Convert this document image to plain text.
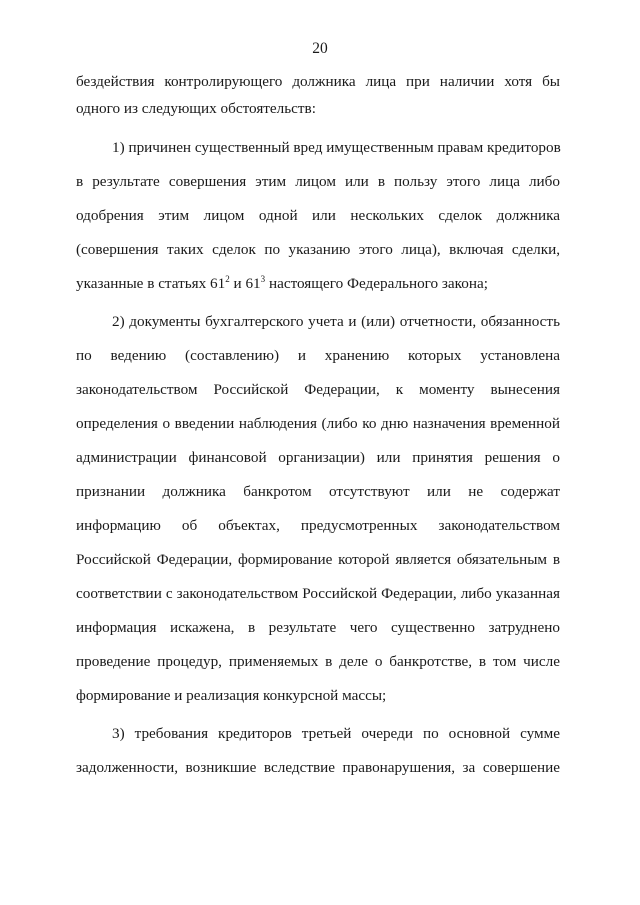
20
бездействия контролирующего должника лица при наличии хотя бы
одного из следующих обстоятельств:
1) причинен существенный вред имущественным правам кредиторов
в результате совершения этим лицом или в пользу этого лица либо
одобрения этим лицом одной или нескольких сделок должника
(совершения таких сделок по указанию этого лица), включая сделки,
указанные в статьях $61^2$ и $61^3$ настоящего Федерального закона;
2) документы бухгалтерского учета и (или) отчетности, обязанность
по ведению (составлению) и хранению которых установлена
законодательством Российской Федерации, к моменту вынесения
определения о введении наблюдения (либо ко дню назначения временной
администрации финансовой организации) или принятия решения о
признании должника банкротом отсутствуют или не содержат
информацию об объектах, предусмотренных законодательством
Российской Федерации, формирование которой является обязательным в
соответствии с законодательством Российской Федерации, либо указанная
информация искажена, в результате чего существенно затруднено
проведение процедур, применяемых в деле о банкротстве, в том числе
формирование и реализация конкурсной массы;
3) требования кредиторов третьей очереди по основной сумме
задолженности, возникшие вследствие правонарушения, за совершение
